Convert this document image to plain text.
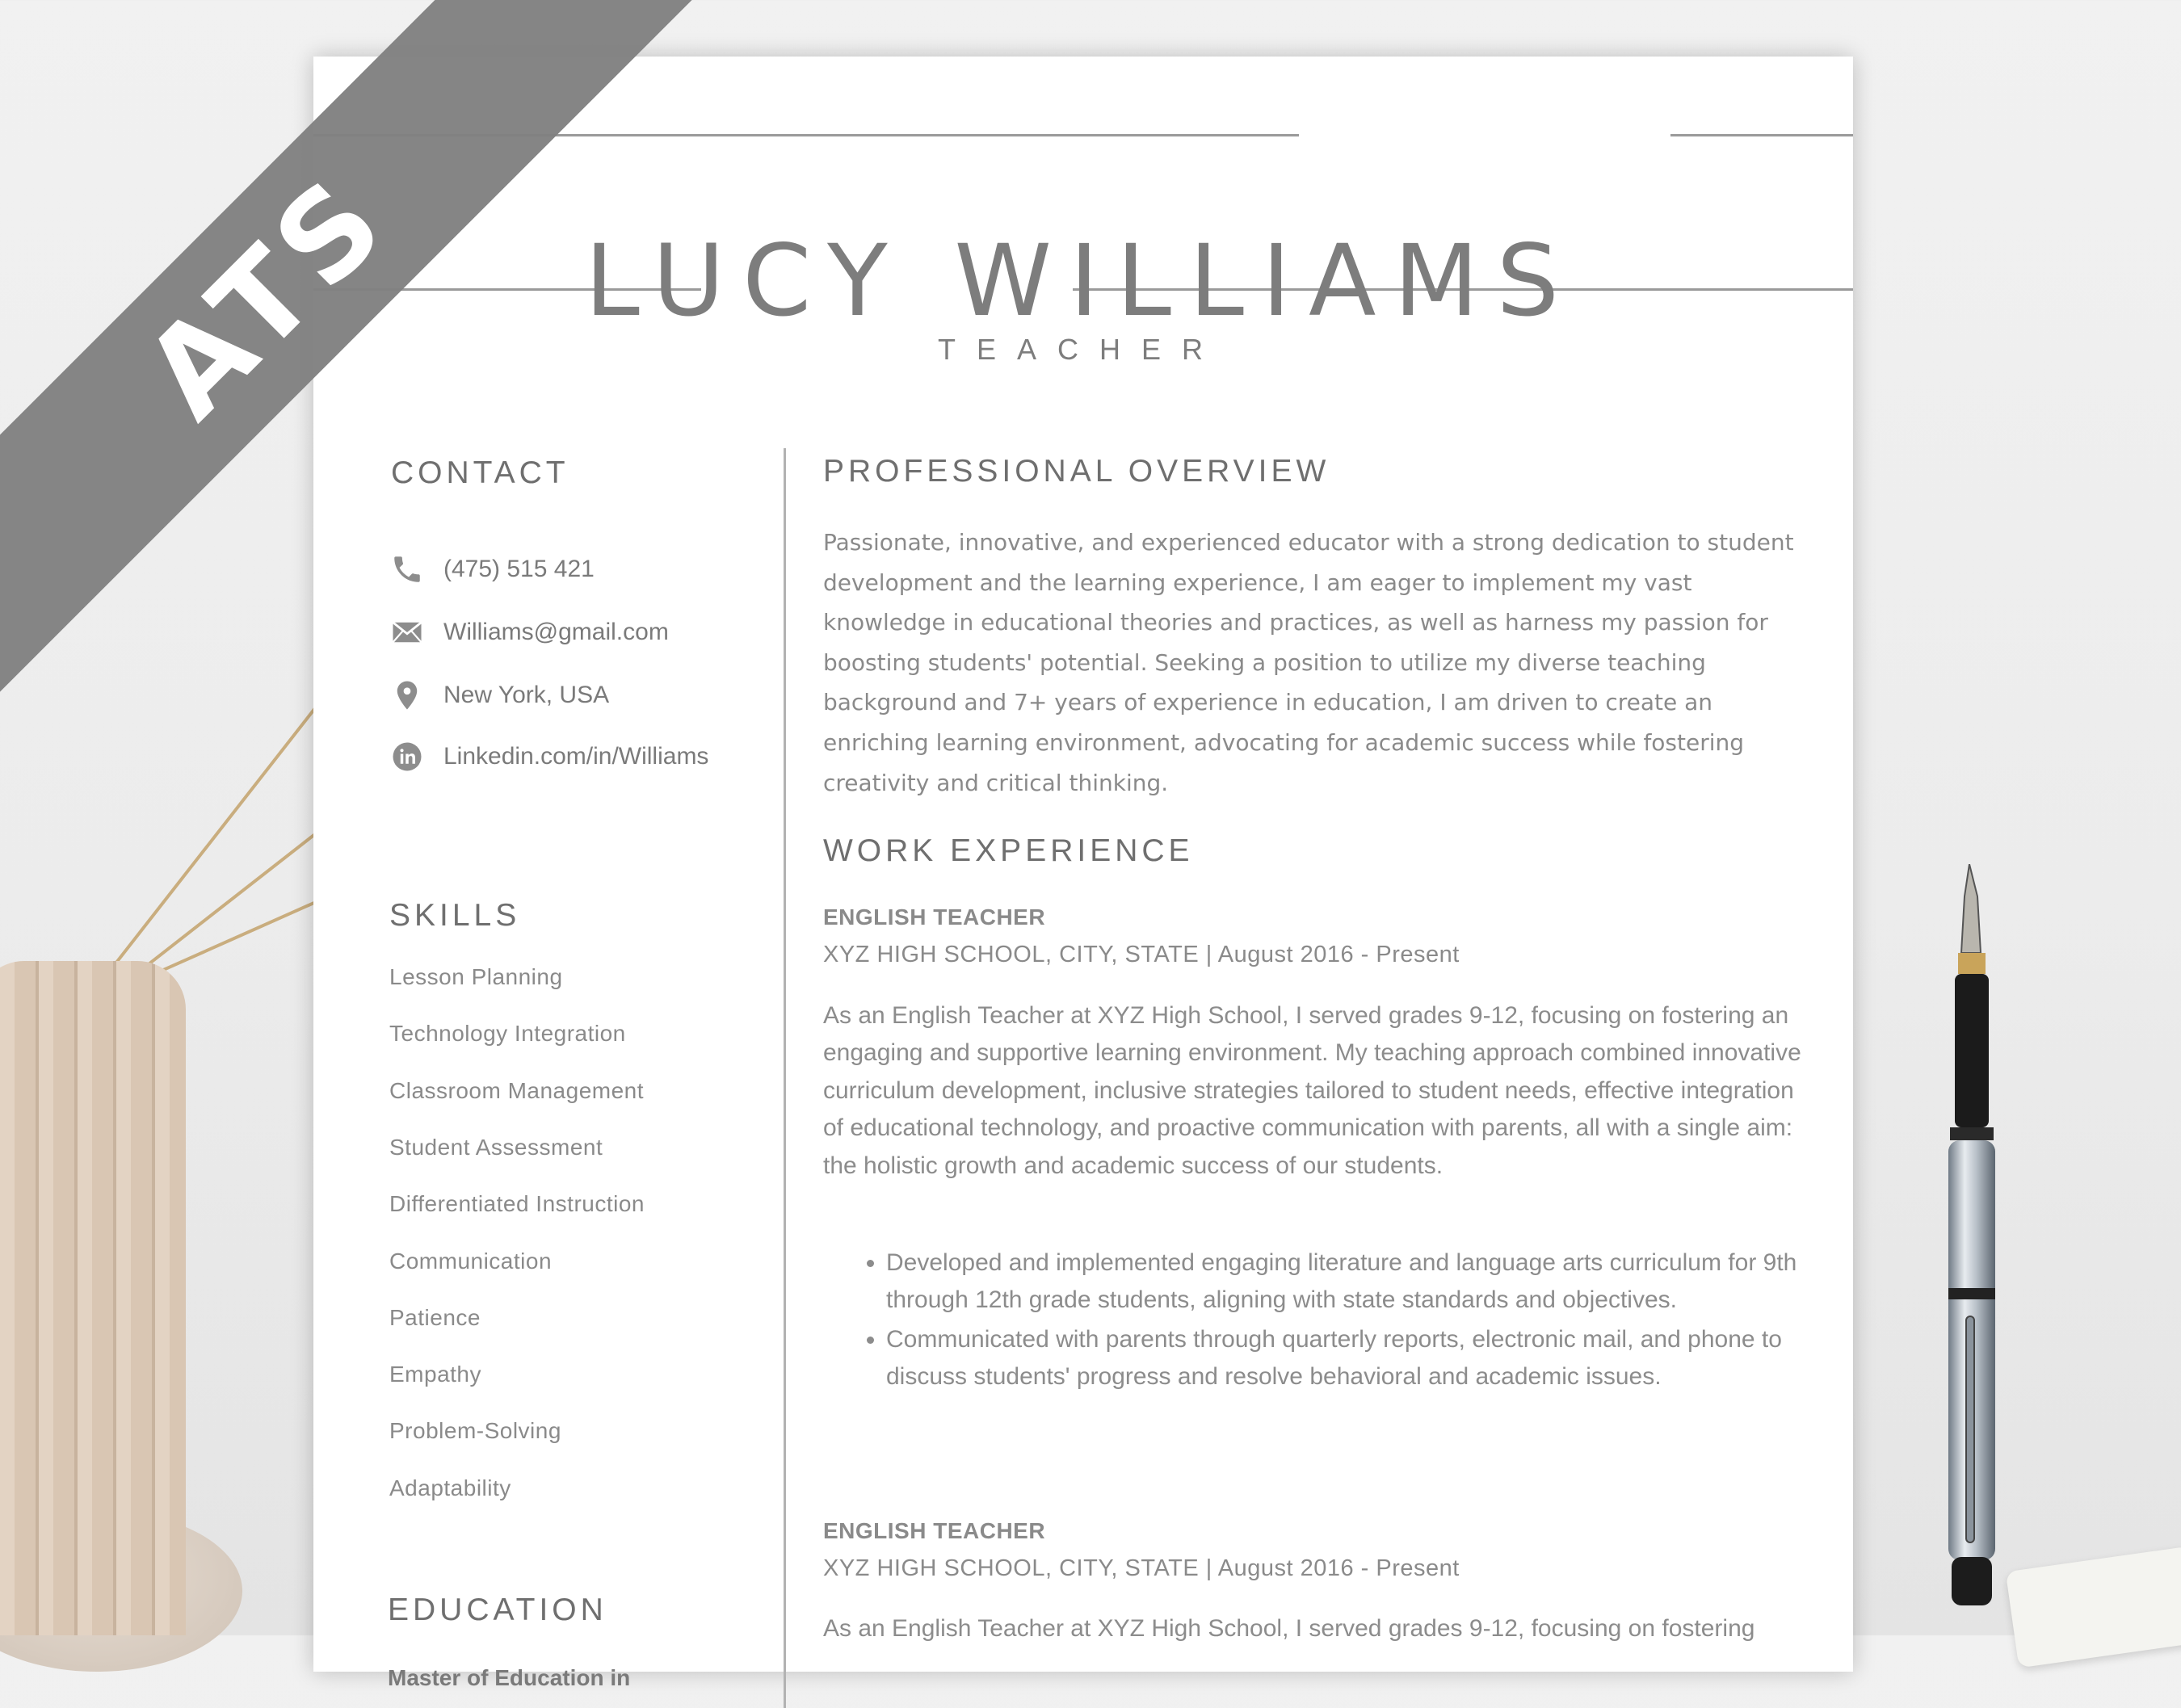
LUCY WILLIAMS
TEACHER
CONTACT
(475) 515 421
Williams@gmail.com
New York, USA
Linkedin.com/in/Williams
SKILLS
Lesson Planning
Technology Integration
Classroom Management
Student Assessment
Differentiated Instruction
Communication
Patience
Empathy
Problem-Solving
Adaptability
EDUCATION
Master of Education in
PROFESSIONAL OVERVIEW

Passionate, innovative, and experienced educator with a strong dedication to student development and the learning experience, I am eager to implement my vast knowledge in educational theories and practices, as well as harness my passion for boosting students' potential. Seeking a position to utilize my diverse teaching background and 7+ years of experience in education, I am driven to create an enriching learning environment, advocating for academic success while fostering creativity and critical thinking.

WORK EXPERIENCE
ENGLISH TEACHER
XYZ HIGH SCHOOL, CITY, STATE | August 2016 - Present

As an English Teacher at XYZ High School, I served grades 9-12, focusing on fostering an engaging and supportive learning environment. My teaching approach combined innovative curriculum development, inclusive strategies tailored to student needs, effective integration of educational technology, and proactive communication with parents, all with a single aim: the holistic growth and academic success of our students.

• Developed and implemented engaging literature and language arts curriculum for 9th through 12th grade students, aligning with state standards and objectives.
• Communicated with parents through quarterly reports, electronic mail, and phone to discuss students' progress and resolve behavioral and academic issues.
ENGLISH TEACHER
XYZ HIGH SCHOOL, CITY, STATE | August 2016 - Present

As an English Teacher at XYZ High School, I served grades 9-12, focusing on fostering

ATS
